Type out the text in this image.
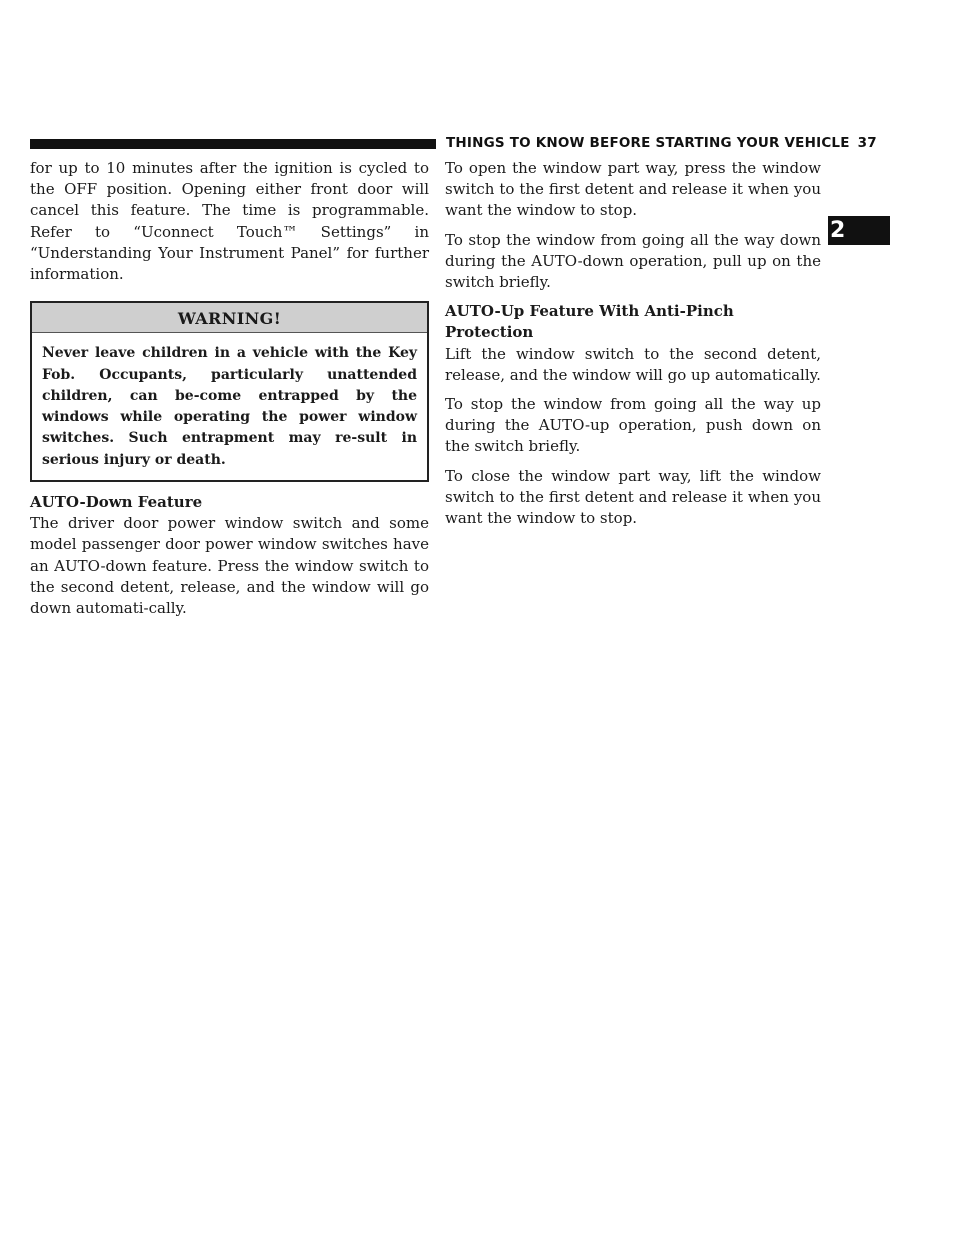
THINGS TO KNOW BEFORE STARTING YOUR VEHICLE 37
2

for up to 10 minutes after the ignition is cycled to the OFF position. Opening either front door will cancel this feature. The time is programmable. Refer to “Uconnect Touch™ Settings” in “Understanding Your Instrument Panel” for further information.

WARNING!
Never leave children in a vehicle with the Key Fob. Occupants, particularly unattended children, can be-come entrapped by the windows while operating the power window switches. Such entrapment may re-sult in serious injury or death.
AUTO-Down Feature

The driver door power window switch and some model passenger door power window switches have an AUTO-down feature. Press the window switch to the second detent, release, and the window will go down automati-cally.

To open the window part way, press the window switch to the first detent and release it when you want the window to stop.

To stop the window from going all the way down during the AUTO-down operation, pull up on the switch briefly.

AUTO-Up Feature With Anti-Pinch Protection

Lift the window switch to the second detent, release, and the window will go up automatically.

To stop the window from going all the way up during the AUTO-up operation, push down on the switch briefly.

To close the window part way, lift the window switch to the first detent and release it when you want the window to stop.
